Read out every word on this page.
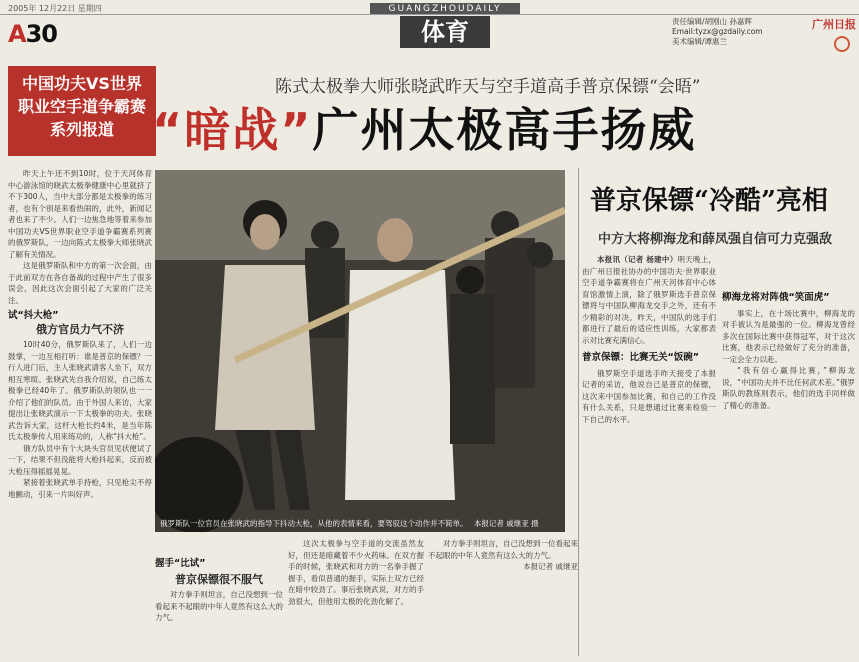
2005年 12月22日 星期四	GUANGZHOUDAILY
A30	体育	责任编辑/胡刚山 孙嘉辉 Email:tyzx@gzdaily.com
美术编辑/谭惠兰
广州日报
中国功夫VS世界职业空手道争霸赛系列报道
陈式太极拳大师张晓武昨天与空手道高手普京保镖“会晤”
“暗战”广州太极高手扬威
昨天上午还不到10时，位于天河体育中心游泳馆的晓武太极拳健康中心里就挤了不下300人，当中大部分都是太极拳的练习者，也有个别是来看热闹的，此外，新闻记者也来了不少。人们一边焦急地等着来参加中国功夫VS世界职业空手道争霸赛系列赛的俄罗斯队，一边向陈式太极拳大师张晓武了解有关情况。
这是俄罗斯队和中方的第一次会面，由于此前双方在各自备战的过程中产生了很多误会，因此这次会面引起了大家的广泛关注。
试“抖大枪”
俄方官员力气不济
10时40分，俄罗斯队来了，人们一边鼓掌，一边互相打听：谁是普京的保镖？一行人进门后，主人张晓武请客人坐下，双方相互寒暄。张晓武先自我介绍说，自己练太极拳已经40年了。俄罗斯队的领队也一一介绍了他们的队员。由于外国人来访，大家提出让张晓武演示一下太极拳的功夫。张晓武告诉大家，这杆大枪长约4米，是当年陈氏太极拳传人用来练功的，人称“抖大枪”。
俄方队员中有个大块头官员见状便试了一下，结果不但没能将大枪抖起来，反而被大枪压得摇摇晃晃。
紧接着张晓武单手持枪，只见枪尖不停地颤动，引来一片叫好声。
俄罗斯队一位官员在张晓武的指导下抖动大枪，从他的表情来看，要驾驭这个动作并不简单。 本报记者 戚继亚 摄
握手“比试”
普京保镖很不服气
对方拳手则坦言，自己没想到一位看起来不起眼的中年人竟然有这么大的力气。
这次太极拳与空手道的交流虽然友好，但还是暗藏着不少火药味。在双方握手的时候，张晓武和对方的一名拳手握了握手，看似普通的握手，实际上双方已经在暗中较劲了。事后张晓武说，对方的手劲很大，但他用太极的化劲化解了。
对方拳手则坦言，自己没想到一位看起来不起眼的中年人竟然有这么大的力气。
本报记者 戚继亚
普京保镖“冷酷”亮相
中方大将柳海龙和薛凤强自信可力克强敌
本报讯（记者 杨建中）明天晚上，由广州日报社协办的中国功夫·世界职业空手道争霸赛将在广州天河体育中心体育馆激情上演，除了俄罗斯选手普京保镖将与中国队柳海龙交手之外，还有不少精彩的对决。昨天，中国队的选手们都进行了最后的适应性训练，大家都表示对比赛充满信心。
普京保镖：比赛无关“饭碗”
俄罗斯空手道选手昨天接受了本报记者的采访，他说自己是普京的保镖，这次来中国参加比赛，和自己的工作没有什么关系，只是想通过比赛来检验一下自己的水平。
柳海龙将对阵俄“笑面虎”
事实上，在十场比赛中，柳海龙的对手被认为是最强的一位。柳海龙曾经多次在国际比赛中获得冠军，对于这次比赛，他表示已经做好了充分的准备，一定会全力以赴。
“我有信心赢得比赛，”柳海龙说，“中国功夫并不比任何武术差。”俄罗斯队的教练则表示，他们的选手同样做了精心的准备。
